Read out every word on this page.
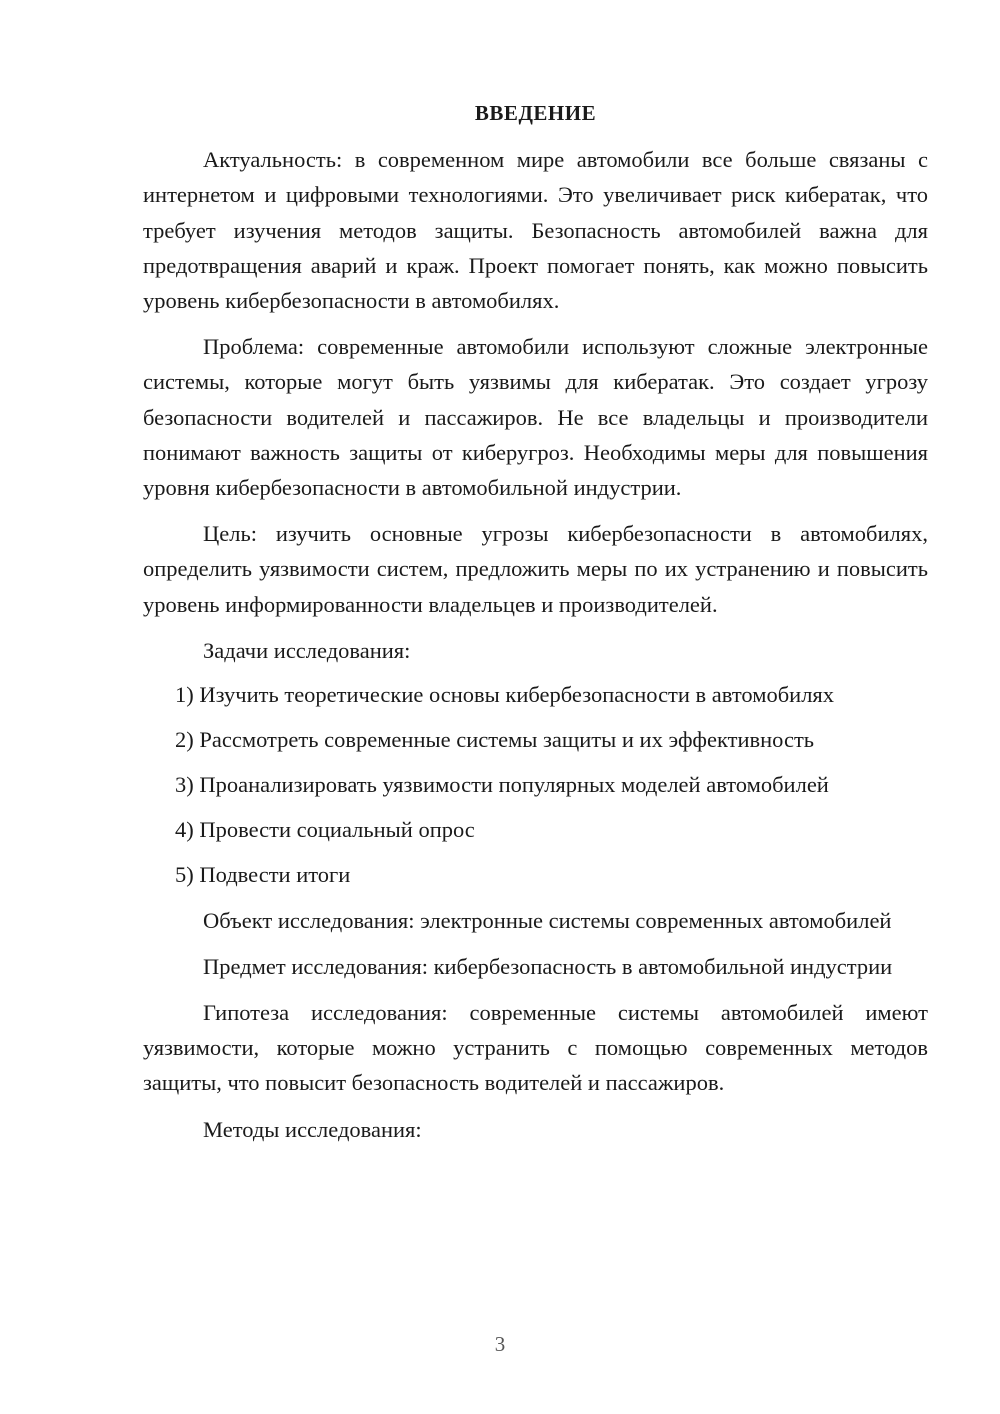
ВВЕДЕНИЕ

Актуальность: в современном мире автомобили все больше связаны с интернетом и цифровыми технологиями. Это увеличивает риск кибератак, что требует изучения методов защиты. Безопасность автомобилей важна для предотвращения аварий и краж. Проект помогает понять, как можно повысить уровень кибербезопасности в автомобилях.

Проблема: современные автомобили используют сложные электронные системы, которые могут быть уязвимы для кибератак. Это создает угрозу безопасности водителей и пассажиров. Не все владельцы и производители понимают важность защиты от киберугроз. Необходимы меры для повышения уровня кибербезопасности в автомобильной индустрии.

Цель: изучить основные угрозы кибербезопасности в автомобилях, определить уязвимости систем, предложить меры по их устранению и повысить уровень информированности владельцев и производителей.

Задачи исследования:

1) Изучить теоретические основы кибербезопасности в автомобилях
2) Рассмотреть современные системы защиты и их эффективность
3) Проанализировать уязвимости популярных моделей автомобилей
4) Провести социальный опрос
5) Подвести итоги

Объект исследования: электронные системы современных автомобилей

Предмет исследования: кибербезопасность в автомобильной индустрии

Гипотеза исследования: современные системы автомобилей имеют уязвимости, которые можно устранить с помощью современных методов защиты, что повысит безопасность водителей и пассажиров.

Методы исследования:

3
